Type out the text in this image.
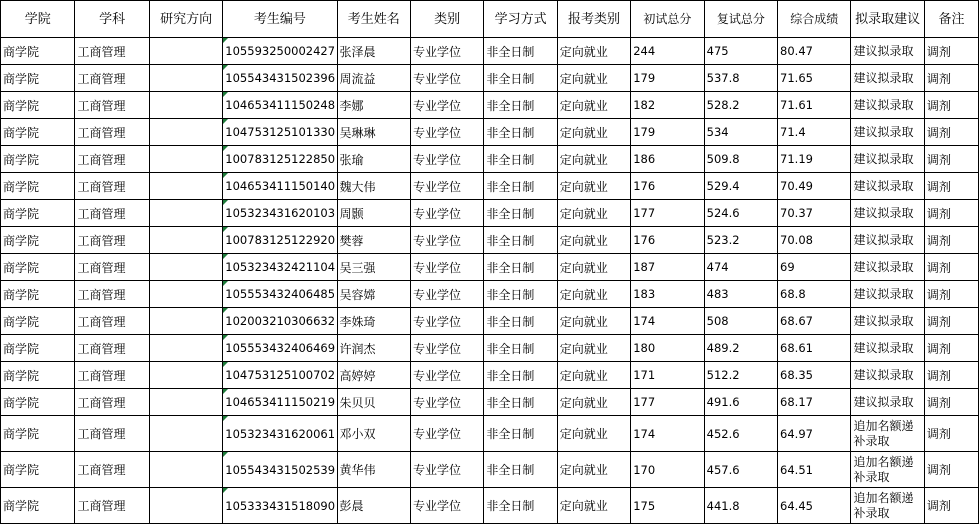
学院	学科	研究方向	考生编号	考生姓名	类别	学习方式	报考类别	初试总分	复试总分	综合成绩	拟录取建议	备注
商学院	工商管理		105593250002427	张泽晨	专业学位	非全日制	定向就业	244	475	80.47	建议拟录取	调剂
商学院	工商管理		105543431502396	周流益	专业学位	非全日制	定向就业	179	537.8	71.65	建议拟录取	调剂
商学院	工商管理		104653411150248	李娜	专业学位	非全日制	定向就业	182	528.2	71.61	建议拟录取	调剂
商学院	工商管理		104753125101330	吴琳琳	专业学位	非全日制	定向就业	179	534	71.4	建议拟录取	调剂
商学院	工商管理		100783125122850	张瑜	专业学位	非全日制	定向就业	186	509.8	71.19	建议拟录取	调剂
商学院	工商管理		104653411150140	魏大伟	专业学位	非全日制	定向就业	176	529.4	70.49	建议拟录取	调剂
商学院	工商管理		105323431620103	周颢	专业学位	非全日制	定向就业	177	524.6	70.37	建议拟录取	调剂
商学院	工商管理		100783125122920	樊蓉	专业学位	非全日制	定向就业	176	523.2	70.08	建议拟录取	调剂
商学院	工商管理		105323432421104	吴三强	专业学位	非全日制	定向就业	187	474	69	建议拟录取	调剂
商学院	工商管理		105553432406485	吴容嫦	专业学位	非全日制	定向就业	183	483	68.8	建议拟录取	调剂
商学院	工商管理		102003210306632	李姝琦	专业学位	非全日制	定向就业	174	508	68.67	建议拟录取	调剂
商学院	工商管理		105553432406469	许润杰	专业学位	非全日制	定向就业	180	489.2	68.61	建议拟录取	调剂
商学院	工商管理		104753125100702	高婷婷	专业学位	非全日制	定向就业	171	512.2	68.35	建议拟录取	调剂
商学院	工商管理		104653411150219	朱贝贝	专业学位	非全日制	定向就业	177	491.6	68.17	建议拟录取	调剂
商学院	工商管理		105323431620061	邓小双	专业学位	非全日制	定向就业	174	452.6	64.97	追加名额递补录取	调剂
商学院	工商管理		105543431502539	黄华伟	专业学位	非全日制	定向就业	170	457.6	64.51	追加名额递补录取	调剂
商学院	工商管理		105333431518090	彭晨	专业学位	非全日制	定向就业	175	441.8	64.45	追加名额递补录取	调剂
